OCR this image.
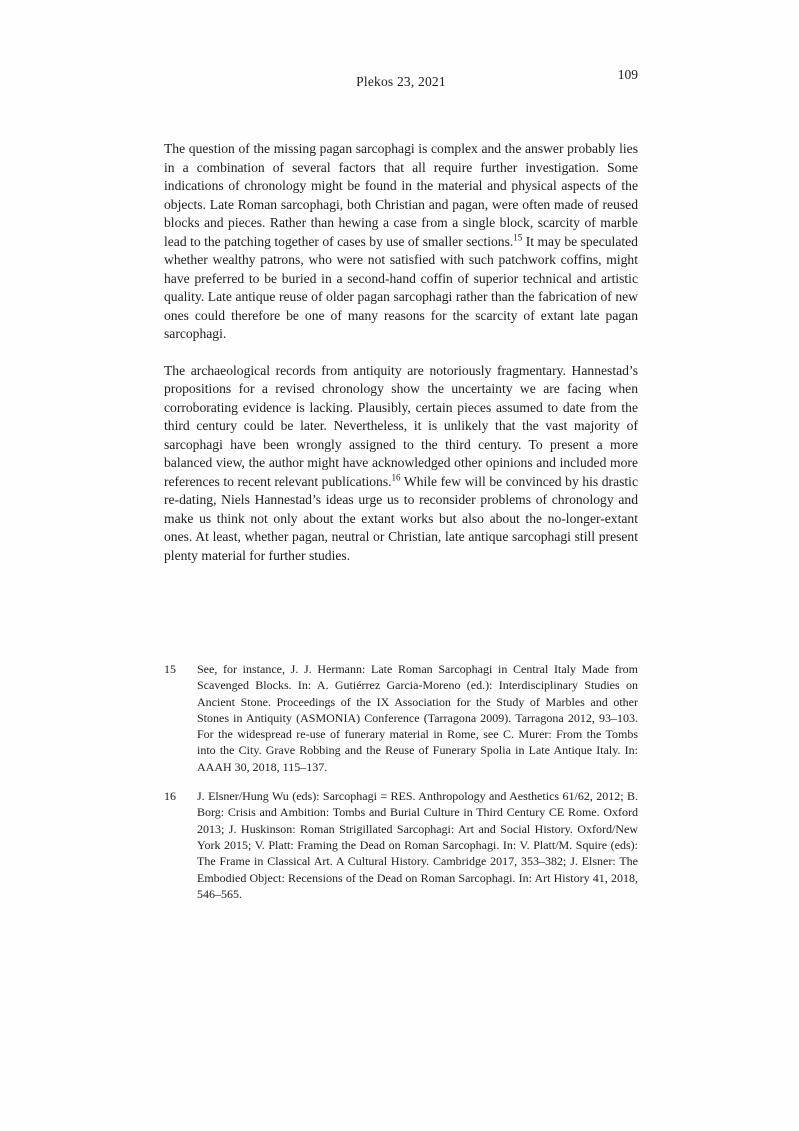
Plekos 23, 2021	109

The question of the missing pagan sarcophagi is complex and the answer probably lies in a combination of several factors that all require further investigation. Some indications of chronology might be found in the material and physical aspects of the objects. Late Roman sarcophagi, both Christian and pagan, were often made of reused blocks and pieces. Rather than hewing a case from a single block, scarcity of marble lead to the patching together of cases by use of smaller sections.$^{15}$ It may be speculated whether wealthy patrons, who were not satisfied with such patchwork coffins, might have preferred to be buried in a second-hand coffin of superior technical and artistic quality. Late antique reuse of older pagan sarcophagi rather than the fabrication of new ones could therefore be one of many reasons for the scarcity of extant late pagan sarcophagi.

The archaeological records from antiquity are notoriously fragmentary. Hannestad’s propositions for a revised chronology show the uncertainty we are facing when corroborating evidence is lacking. Plausibly, certain pieces assumed to date from the third century could be later. Nevertheless, it is unlikely that the vast majority of sarcophagi have been wrongly assigned to the third century. To present a more balanced view, the author might have acknowledged other opinions and included more references to recent relevant publications.$^{16}$ While few will be convinced by his drastic re-dating, Niels Hannestad’s ideas urge us to reconsider problems of chronology and make us think not only about the extant works but also about the no-longer-extant ones. At least, whether pagan, neutral or Christian, late antique sarcophagi still present plenty material for further studies.

15 See, for instance, J. J. Hermann: Late Roman Sarcophagi in Central Italy Made from Scavenged Blocks. In: A. Gutiérrez Garcia-Moreno (ed.): Interdisciplinary Studies on Ancient Stone. Proceedings of the IX Association for the Study of Marbles and other Stones in Antiquity (ASMONIA) Conference (Tarragona 2009). Tarragona 2012, 93–103. For the widespread re-use of funerary material in Rome, see C. Murer: From the Tombs into the City. Grave Robbing and the Reuse of Funerary Spolia in Late Antique Italy. In: AAAH 30, 2018, 115–137.
16 J. Elsner/Hung Wu (eds): Sarcophagi = RES. Anthropology and Aesthetics 61/62, 2012; B. Borg: Crisis and Ambition: Tombs and Burial Culture in Third Century CE Rome. Oxford 2013; J. Huskinson: Roman Strigillated Sarcophagi: Art and Social History. Oxford/New York 2015; V. Platt: Framing the Dead on Roman Sarcophagi. In: V. Platt/M. Squire (eds): The Frame in Classical Art. A Cultural History. Cambridge 2017, 353–382; J. Elsner: The Embodied Object: Recensions of the Dead on Roman Sarcophagi. In: Art History 41, 2018, 546–565.
